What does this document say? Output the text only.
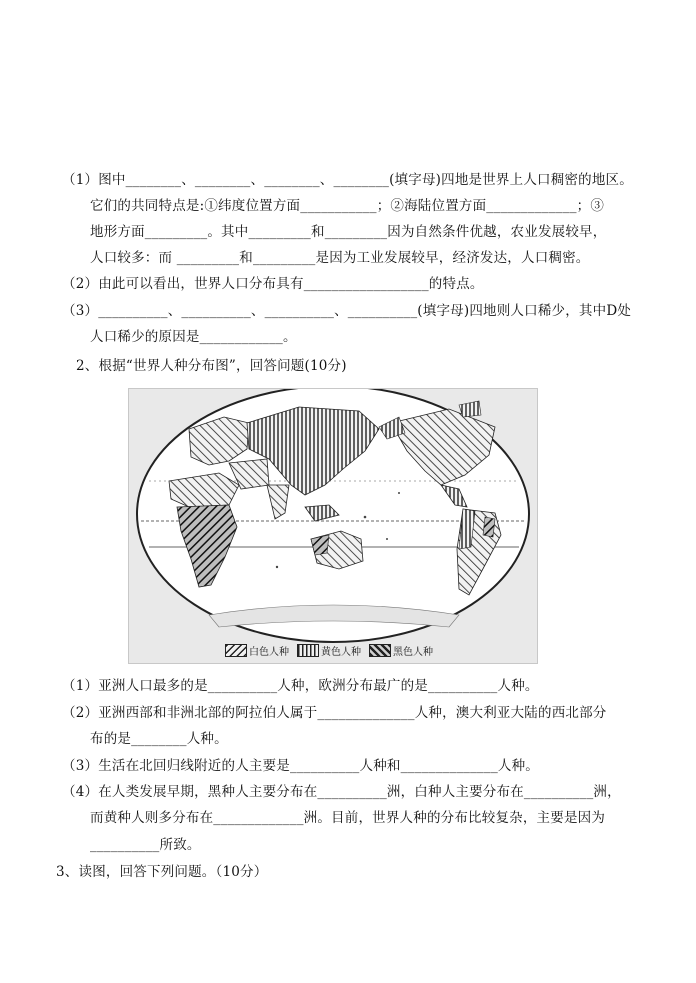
（1）图中________、________、________、________(填字母)四地是世界上人口稠密的地区。
它们的共同特点是:①纬度位置方面___________；②海陆位置方面_____________；③
地形方面_________。其中_________和_________因为自然条件优越，农业发展较早，
人口较多：而 _________和_________是因为工业发展较早，经济发达，人口稠密。
（2）由此可以看出，世界人口分布具有__________________的特点。
（3）__________、__________、__________、__________(填字母)四地则人口稀少，其中D处
人口稀少的原因是____________。
2、根据“世界人种分布图”，回答问题(10分)
白色人种	黄色人种	黑色人种
（1）亚洲人口最多的是__________人种，欧洲分布最广的是__________人种。
（2）亚洲西部和非洲北部的阿拉伯人属于______________人种，澳大利亚大陆的西北部分
布的是________人种。
（3）生活在北回归线附近的人主要是__________人种和______________人种。
（4）在人类发展早期，黑种人主要分布在__________洲，白种人主要分布在__________洲，
而黄种人则多分布在_____________洲。目前，世界人种的分布比较复杂，主要是因为
__________所致。
3、读图，回答下列问题。（10分）
